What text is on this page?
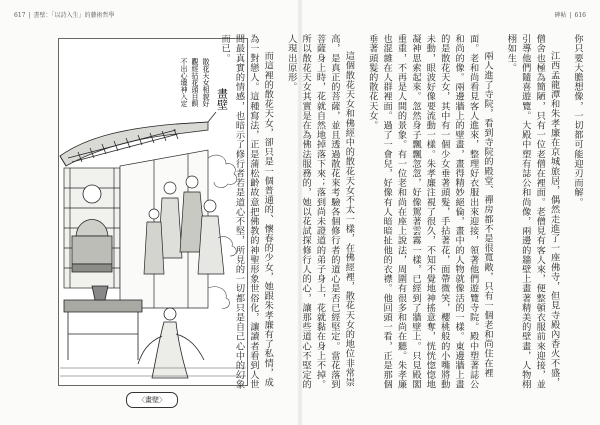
617 | 書壁：「以詩入生」的藝術哲學	碑帖 | 616
畫壁
散花天女相貌好
觀經拈花頭目瞑
不出心壇神入定
〈畫壁〉

你只要大膽想像，一切都可能迎刃而解。

江西孟龍潭和朱孝廉在京城旅居，偶然走進了一座佛寺，但見寺殿內香火不盛，僧舍也極為簡陋，只有一位老僧在裡面。老僧見有客人來，便整頓衣服前來迎接，並引導他們隨喜遊覽。大殿中塑有誌公和尚像，兩邊的牆壁上畫著精美的壁畫，人物栩栩如生。

兩人進了寺院，看到寺院的殿堂、禪房都不是很寬敞，只有一個老和尚住在裡面。老和尚看見客人進來，整理好衣服出來迎接，領著他們遊覽寺院。殿中塑著誌公和尚的像。兩邊牆上的壁畫，畫得精妙絕倫，畫中的人物就像活的一樣。東邊牆上畫的是散花天女，其中有一個少女垂著頭髮，手拈著花，面帶微笑，櫻桃般的小嘴將動未動，眼波好像要流動一樣。朱孝廉注視了很久，不知不覺地神搖意奪，恍恍惚惚地凝神思索起來。忽然身子飄飄忽忽，好像駕著雲霧一樣，已經到了牆壁上。只見殿閣重重，不再是人間的景象。有一位老和尚在座上說法，周圍有很多和尚在聽。朱孝廉也混雜在人群裡面。過了一會兒，好像有人暗暗扯他的衣襟。他回頭一看，正是那個垂著頭髮的散花天女。

這個散花天女和佛經中的散花天女不太一樣，在佛經裡，散花天女的地位非常崇高，是真正的菩薩，並且透過散花來考驗各個修行者的道心是否已經堅定。當花落到菩薩身上時，花就自然地掉落下來；落到尚未證道的弟子身上，花就黏在身上不掉。所以散花天女其實是在為佛法服務的，她以花試探修行人的心，讓那些道心不堅定的人現出原形。

而這裡的散花天女，卻只是一個普通的、懷春的少女，她跟朱孝廉有了私情，成為一對戀人。這種寫法，正是蒲松齡故意把佛教的神聖形象世俗化，讓讀者看到人世間最真實的情感，也暗示了修行者若是道心不堅，所見的一切都只是自己心中的幻象而已。
